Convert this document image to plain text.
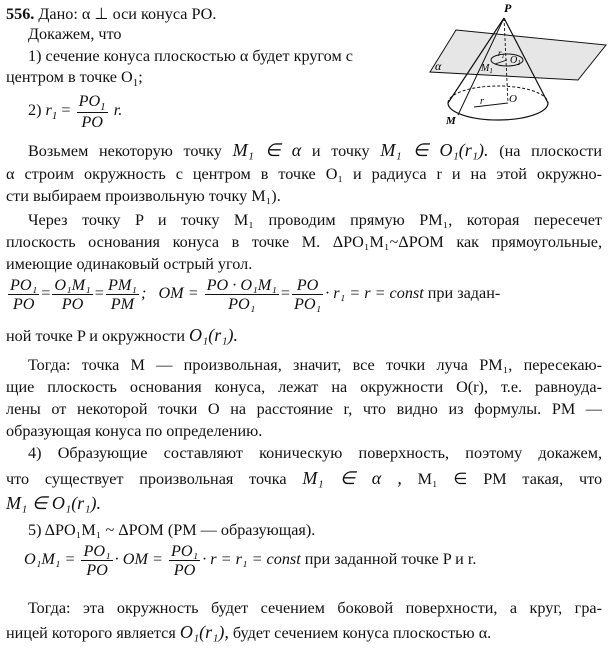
556. Дано: α ⊥ оси конуса РО.
Докажем, что
1) сечение конуса плоскостью α будет кругом с
центром в точке $O_1$;
2) $r_1 = \frac{PO_1}{PO} r$.
P
$O_1$
$M_1$
$r_1$
O
r
M
α
Возьмем некоторую точку M₁ ∈ α и точку M₁ ∈ O₁(r₁). (на плоскости
α строим окружность с центром в точке O₁ и радиуса r и на этой окружно-
сти выбираем произвольную точку M₁).
Через точку P и точку M₁ проводим прямую PM₁, которая пересечет
плоскость основания конуса в точке M. ΔPO₁M₁~ΔPOM как прямоугольные,
имеющие одинаковый острый угол.
$\frac{\text{PO₁}}{PO} = \frac{\text{O₁M₁}}{PO} = \frac{\text{PM₁}}{PM}$ ; OM = $\frac{\text{PO · O₁M₁}}{\text{PO₁}} = \frac{PO}{\text{PO₁}} \cdot r_1 = r$ = const при задан-
ной точке P и окружности O₁(r₁).
Тогда: точка M — произвольная, значит, все точки луча PM₁, пересекаю-
щие плоскость основания конуса, лежат на окружности O(r), т.е. равноуда-
лены от некоторой точки O на расстояние r, что видно из формулы. PM —
образующая конуса по определению.
4) Образующие составляют коническую поверхность, поэтому докажем,
что существует произвольная точка M₁ ∈ α , M₁ ∈ PM такая, что
M₁ ∈ O₁(r₁).
5) ΔPO₁M₁ ~ ΔPOM (PM — образующая).
$O_1M_1 = \frac{\text{PO₁}}{PO}$ · OM = $\frac{\text{PO₁}}{PO} \cdot r = r_1$ = const при заданной точке P и r.
Тогда: эта окружность будет сечением боковой поверхности, а круг, гра-
ницей которого является O₁(r₁), будет сечением конуса плоскостью α.
